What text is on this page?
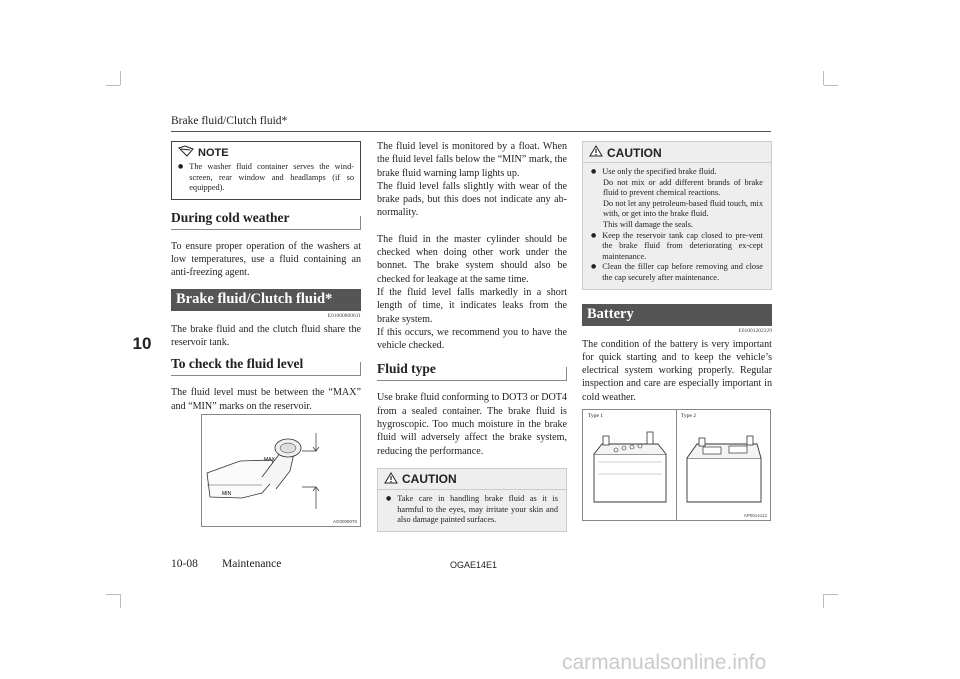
Brake fluid/Clutch fluid*
10
NOTE
● The washer fluid container serves the wind-screen, rear window and headlamps (if so equipped).
During cold weather

To ensure proper operation of the washers at low temperatures, use a fluid containing an anti-freezing agent.

Brake fluid/Clutch fluid*
E01000800611

The brake fluid and the clutch fluid share the reservoir tank.

To check the fluid level

The fluid level must be between the “MAX” and “MIN” marks on the reservoir.

MAX
MIN
AG0009070

The fluid level is monitored by a float. When the fluid level falls below the “MIN” mark, the brake fluid warning lamp lights up.

The fluid level falls slightly with wear of the brake pads, but this does not indicate any ab-normality.

The fluid in the master cylinder should be checked when doing other work under the bonnet. The brake system should also be checked for leakage at the same time.

If the fluid level falls markedly in a short length of time, it indicates leaks from the brake system.

If this occurs, we recommend you to have the vehicle checked.

Fluid type

Use brake fluid conforming to DOT3 or DOT4 from a sealed container. The brake fluid is hygroscopic. Too much moisture in the brake fluid will adversely affect the brake system, reducing the performance.

CAUTION
● Take care in handling brake fluid as it is harmful to the eyes, may irritate your skin and also damage painted surfaces.
CAUTION
● Use only the specified brake fluid.
Do not mix or add different brands of brake fluid to prevent chemical reactions.
Do not let any petroleum-based fluid touch, mix with, or get into the brake fluid.
This will damage the seals.
● Keep the reservoir tank cap closed to pre-vent the brake fluid from deteriorating ex-cept maintenance.
● Clean the filler cap before removing and close the cap securely after maintenance.
Battery
E01001202229

The condition of the battery is very important for quick starting and to keep the vehicle’s electrical system working properly. Regular inspection and care are especially important in cold weather.

Type 1	Type 2
AP0014112
10-08 Maintenance	OGAE14E1
carmanualsonline.info
